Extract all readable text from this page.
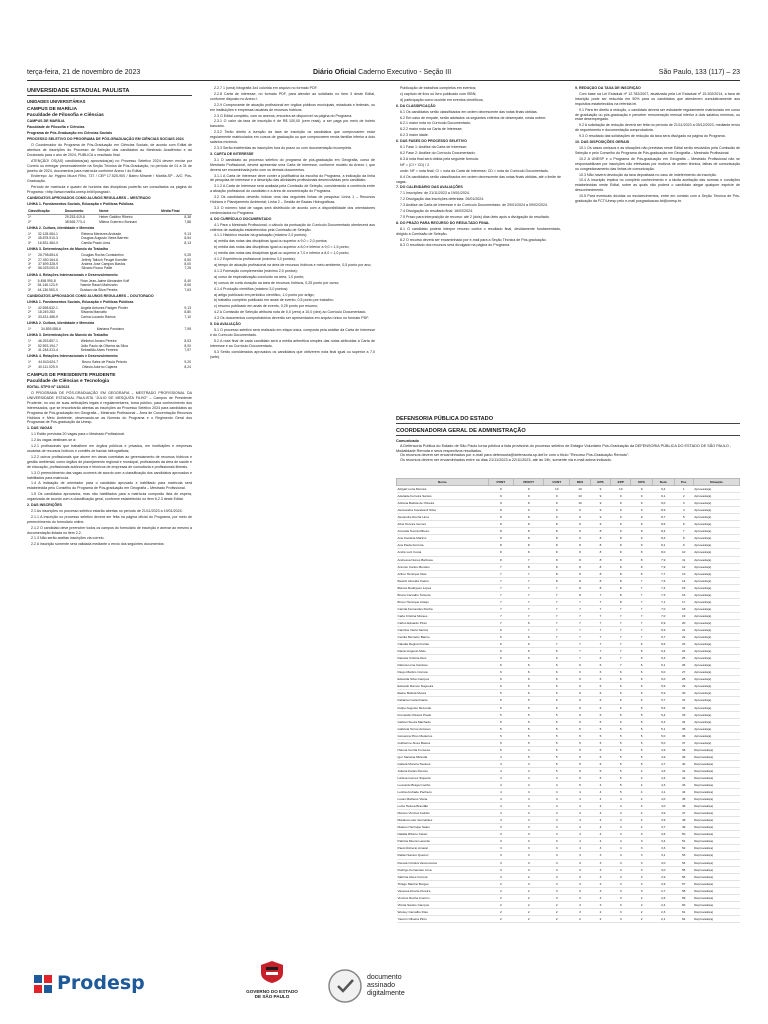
terça-feira, 21 de novembro de 2023	Diário Oficial Caderno Executivo - Seção III	São Paulo, 133 (117) – 23
UNIVERSIDADE ESTADUAL PAULISTA
UNIDADES UNIVERSITÁRIAS
CAMPUS DE MARÍLIA
Faculdade de Filosofia e Ciências

CAMPUS DE MARÍLIA

Faculdade de Filosofia e Ciências

Programa de Pós-Graduação em Ciências Sociais

PROCESSO SELETIVO DO PROGRAMA DE PÓS-GRADUAÇÃO EM CIÊNCIAS SOCIAIS 2024

O Coordenador do Programa de Pós-Graduação em Ciências Sociais, de acordo com Edital de abertura de inscrições do Processo de Seleção dos candidatos ao Mestrado Acadêmico e ao Doutorado para o ano de 2024, PUBLICA o resultado final.

ATENÇÃO! OS(AS) candidatos(as) aprovados(as) no Processo Seletivo 2024 devem enviar por Correio ou entregar presencialmente na Seção Técnica de Pós-Graduação, no período de 01 a 31 de janeiro de 2024, documentos para matrícula conforme Anexo I do Edital.

Endereço: Av. Hygino Muzzi Filho, 737 / CEP 17.525-900 / Bairro Mirante / Marília-SP - A/C: Pós-Graduação.

Período de matrícula e quadro de horários das disciplinas poderão ser consultados na página do Programa: <http://www.marilia.unesp.br/#!/posgrad>.

CANDIDATOS APROVADOS COMO ALUNOS REGULARES – MESTRADO

LINHA 1. Fundamentos Sociais, Educação e Políticas Públicas

Classificação	Documento	Nome	Média Final
1º	29.253.419-6	Heber Galdino Ribeiro	8,38
2º	38.565.773-4	Milena Guerrero Bonnani	7,88

LINHA 2. Cultura, Identidade e Memória

1º	32.128.084-1	Rebeca Menezes Andrade	9,13
2º	45.878.910-3	Douglas Augusto Vieira Barreto	8,54
3º	16.831.484-X	Camila Prado Lima	8,13

LINHA 3. Determinações do Mundo do Trabalho

1º	26.798.654-6	Douglas Rocha Constantino	9,25
2º	27.450.164-6	Jeferly Talioch Feugel Koestler	8,50
3º	37.699.328-9	Andrea Jose Campos Bastos	8,00
4º	56.025.000-5	Silvano Rocco Pallie	7,25

LINHA 4. Relações Internacionais e Desenvolvimento

1º	5.458.990-8	Yhan Jean-Jaime Alexandre Koff	8,40
2º	54.146.123-9	Yasmin Rasch Mahrzahn	8,06
3º	44.136.553-X	Gustavo da Silva Pereira	7,63

CANDIDATOS APROVADOS COMO ALUNOS REGULARES – DOUTORADO

LINHA 1. Fundamentos Sociais, Educação e Políticas Públicas

1º	42.698.632-1	Angela Antunes Padgen Pinder	9,13
2º	18.249.283	Silvania Marcatto	8,80
3º	33.431.488-9	Carina Lucardo Ramos	7,10

LINHA 2. Cultura, Identidade e Memória

1º	34.893.088-6	Mariana Ponciano	7,95

LINHA 3. Determinações do Mundo do Trabalho

1º	46.253.857-1	Welinton Amaro Pereira	8,53
2º	52.593.194-7	João Paulo da Oliveira da Silva	8,00
3º	41.248.313-4	Sebastião Alves Ferreira	7,97

LINHA 4. Relações Internacionais e Desenvolvimento

1º	44.543.624-7	Bruno Sales de Paula Peixoto	9,20
2º	40.111.029-X	Ottavio Adorno Cajarea	8,24
CAMPUS DE PRESIDENTE PRUDENTE
Faculdade de Ciências e Tecnologia

EDITAL STPG Nº 13/2023

O PROGRAMA DE PÓS-GRADUAÇÃO EM GEOGRAFIA – MESTRADO PROFISSIONAL DA UNIVERSIDADE ESTADUAL PAULISTA "JÚLIO DE MESQUITA FILHO" – Campus de Presidente Prudente, no uso de suas atribuições legais e regulamentares, torna público, para conhecimento dos interessados, que se encontrarão abertas as inscrições ao Processo Seletivo 2024 para candidatos ao Programa de Pós-graduação em Geografia – Mestrado Profissional – Área de Concentração Recursos Hídricos e Meio Ambiente, observando-se as Normas do Programa e o Regimento Geral dos Programas de Pós-graduação da Unesp.

1. DAS VAGAS

1.1 Estão previstas 20 vagas para o Mestrado Profissional.

1.2 As vagas destinam-se a:

1.2.1 profissionais que trabalhem em órgãos públicos e privados, em instituições e empresas usuárias de recursos hídricos e comitês de bacias hidrográficas;

1.2.2 outros profissionais que atuem em áreas correlatas ao gerenciamento de recursos hídricos e gestão ambiental, como órgãos de planejamento regional e municipal, profissionais da área de saúde e de educação, profissionais autônomos e técnicos de empresas de consultoria e profissionais liberais.

1.3 O preenchimento das vagas ocorrerá de acordo com a classificação dos candidatos aprovados e habilitados para matrícula.

1.4 A indicação de orientador para o candidato aprovado e habilitado para matrícula será estabelecida pelo Conselho do Programa de Pós-graduação em Geografia – Mestrado Profissional.

1.5 Os candidatos aprovados, mas não habilitados para a matrícula comporão lista de espera, organizada de acordo com a classificação geral, conforme estabelecido no item 6.2.3 deste Edital.

2. DAS INSCRIÇÕES

2.1 As inscrições no processo seletivo estarão abertas no período de 21/11/2023 a 19/01/2024.

2.1.1 A inscrição no processo seletivo deverá ser feita na página oficial do Programa, por meio de preenchimento do formulário online.

2.1.2 O candidato deve preencher todos os campos do formulário de inscrição e anexar ao mesmo a documentação listada no item 2.2.

2.1.3 Não serão aceitas inscrições via correio.

2.2 A inscrição somente será validada mediante o envio dos seguintes documentos:

2.2.7 1 (uma) fotografia 3x4 colorida em arquivo no formato PDF.

2.2.8 Carta de interesse, no formato PDF, para atender ao solicitado no item 3 deste Edital, conforme disposto no Anexo I.

2.2.9 Comprovante de atuação profissional em órgãos públicos municipais, estaduais e federais, ou em instituições e empresas usuárias de recursos hídricos.

2.3 O Edital completo, com os anexos, encontra-se disponível na página do Programa.

2.3.1 O valor da taxa de inscrição é de R$ 100,00 (cem reais), a ser paga por meio de boleto bancário.

2.3.2 Terão direito à isenção da taxa de inscrição os candidatos que comprovarem estar regularmente matriculados em cursos de graduação ou que comprovarem renda familiar inferior a dois salários mínimos.

2.3.3 Serão indeferidas as inscrições fora do prazo ou com documentação incompleta.

3. CARTA DE INTERESSE

3.1 O candidato ao processo seletivo do programa de pós-graduação em Geografia, curso de Mestrado Profissional, deverá apresentar uma Carta de Interesse, conforme modelo do Anexo I, que deverá ser encaminhada junto com os demais documentos.

3.1.1 A Carta de Interesse deve conter a justificativa da escolha do Programa, a indicação da linha de pesquisa de interesse e a descrição das atividades profissionais desenvolvidas pelo candidato.

3.1.2 A Carta de Interesse será avaliada pela Comissão de Seleção, considerando a coerência entre a atuação profissional do candidato e a área de concentração do Programa.

3.2 Os candidatos deverão indicar uma das seguintes linhas de pesquisa: Linha 1 – Recursos Hídricos e Planejamento Ambiental; Linha 2 – Gestão de Bacias Hidrográficas.

3.3 O número total de vagas será distribuído de acordo com a disponibilidade dos orientadores credenciados no Programa.

4. DO CURRÍCULO DOCUMENTADO

4.1 Para o Mestrado Profissional, o cálculo da pontuação do Currículo Documentado obedecerá aos critérios de avaliação estabelecidos pela Comissão de Seleção.

4.1.1 Histórico escolar da graduação (máximo 2,0 pontos);

a) média das notas das disciplinas igual ou superior a 9,0 = 2,0 pontos;

b) média das notas das disciplinas igual ou superior a 8,0 e inferior a 9,0 = 1,5 ponto;

c) média das notas das disciplinas igual ou superior a 7,0 e inferior a 8,0 = 1,0 ponto;

4.1.2 Experiência profissional (máximo 3,0 pontos):

a) tempo de atuação profissional na área de recursos hídricos e meio ambiente, 0,5 ponto por ano;

4.1.3 Formação complementar (máximo 2,0 pontos):

a) curso de especialização concluído na área, 1,0 ponto;

b) cursos de curta duração na área de recursos hídricos, 0,25 ponto por curso;

4.1.4 Produção científica (máximo 3,0 pontos):

a) artigo publicado em periódico científico, 1,0 ponto por artigo;

b) trabalho completo publicado em anais de evento, 0,5 ponto por trabalho;

c) resumo publicado em anais de evento, 0,25 ponto por resumo;

4.2 A Comissão de Seleção atribuirá nota de 0,0 (zero) a 10,0 (dez) ao Currículo Documentado.

4.3 Os documentos comprobatórios deverão ser apresentados em arquivo único no formato PDF.

5. DA AVALIAÇÃO

5.1 O processo seletivo será realizado em etapa única, composta pela análise da Carta de Interesse e do Currículo Documentado.

5.2 A nota final de cada candidato será a média aritmética simples das notas atribuídas à Carta de Interesse e ao Currículo Documentado.

5.3 Serão considerados aprovados os candidatos que obtiverem nota final igual ou superior a 7,0 (sete).

Publicação de trabalhos completos em eventos;

c) capítulo de livro ou livro publicado com ISBN;

d) participação como ouvinte em eventos científicos;

6. DA CLASSIFICAÇÃO

6.1 Os candidatos serão classificados em ordem decrescente das notas finais obtidas.

6.2 Em caso de empate, serão adotados os seguintes critérios de desempate, nesta ordem:

6.2.1 maior nota no Currículo Documentado;

6.2.2 maior nota na Carta de Interesse;

6.2.3 maior idade.

6. DAS FASES DO PROCESSO SELETIVO

6.1 Fase 1: Análise da Carta de Interesse;

6.2 Fase 2: Análise do Currículo Documentado;

6.3 A nota final será obtida pela seguinte fórmula:

NF = (CI + CD) / 2

onde: NF = nota final; CI = nota da Carta de Interesse; CD = nota do Currículo Documentado.

6.4 Os candidatos serão classificados em ordem decrescente das notas finais obtidas, até o limite de vagas.

7. DO CALENDÁRIO DAS AVALIAÇÕES

7.1 Inscrições: de 21/11/2023 a 19/01/2024.

7.2 Divulgação das inscrições deferidas: 26/01/2024.

7.3 Análise da Carta de Interesse e do Currículo Documentado: de 29/01/2024 a 09/02/2024.

7.4 Divulgação do resultado final: 16/02/2024.

7.5 Prazo para interposição de recurso: até 2 (dois) dias úteis após a divulgação do resultado.

8. DO PRAZO PARA RECURSO DO RESULTADO FINAL

8.1 O candidato poderá interpor recurso contra o resultado final, devidamente fundamentado, dirigido à Comissão de Seleção.

8.2 O recurso deverá ser encaminhado por e-mail para a Seção Técnica de Pós-graduação.

8.3 O resultado dos recursos será divulgado na página do Programa.

9. REDUÇÃO DA TAXA DE INSCRIÇÃO

Com base na Lei Estadual nº 12.782/2007, atualizada pela Lei Estadual nº 15.302/2014, a taxa de inscrição pode ser reduzida em 50% para os candidatos que atenderem cumulativamente aos requisitos estabelecidos na referida lei.

9.1 Para ter direito à redução, o candidato deverá ser estudante regularmente matriculado em curso de graduação ou pós-graduação e perceber remuneração mensal inferior a dois salários mínimos, ou estar desempregado.

9.2 A solicitação de redução deverá ser feita no período de 21/11/2023 a 05/12/2023, mediante envio de requerimento e documentação comprobatória.

9.3 O resultado das solicitações de redução da taxa será divulgado na página do Programa.

10. DAS DISPOSIÇÕES GERAIS

10.1 Os casos omissos e as situações não previstas neste Edital serão resolvidos pela Comissão de Seleção e pelo Conselho do Programa de Pós-graduação em Geografia – Mestrado Profissional.

10.2 A UNESP e o Programa de Pós-graduação em Geografia – Mestrado Profissional não se responsabilizam por inscrições não efetivadas por motivos de ordem técnica, falhas de comunicação ou congestionamento das linhas de comunicação.

10.3 Não haverá devolução da taxa depositada no caso de indeferimento da inscrição.

10.4 A inscrição implica no completo conhecimento e a tácita aceitação das normas e condições estabelecidas neste Edital, sobre as quais não poderá o candidato alegar qualquer espécie de desconhecimento.

10.5 Para eventuais dúvidas ou esclarecimentos, entre em contato com a Seção Técnica de Pós-graduação da FCT/Unesp pelo e-mail posgraduacao.fct@unesp.br.

DEFENSORIA PÚBLICA DO ESTADO
COORDENADORIA GERAL DE ADMINISTRAÇÃO

Comunicado

A Defensoria Pública do Estado de São Paulo torna pública a lista provisória do processo seletivo de Estágio Voluntário Pós-Graduação da DEFENSORIA PÚBLICA DO ESTADO DE SÃO PAULO - Modalidade Remota e seus respectivos resultados.

Os recursos devem ser encaminhados por e-mail para defensoria@defensoria.sp.def.br com o título "Recurso Pós-Graduação Remoto".

Os recursos devem ser encaminhados entre os dias 21/11/2023 a 22/11/2023, até às 19h, somente via e-mail acima indicado.

Nome	PONT	PROVT	CONT	DES	EPS	EPP	DPG	Nota	Pos	Situação
Abigail Lucia Moreira	9	9	10	10	9	10	9	9,4	1	Aprovado(a)
Adelaide Ferreira Santos	9	9	9	10	9	9	9	9,1	2	Aprovado(a)
Adriana Batista de Oliveira	9	8	9	10	9	9	9	9,0	3	Aprovado(a)
Alessandra Cavalcanti Silva	8	9	9	9	9	9	9	8,9	4	Aprovado(a)
Alexandre Rocha Lima	8	8	9	9	9	9	9	8,7	5	Aprovado(a)
Aline Pereira Gomes	8	8	8	9	9	9	9	8,6	6	Aprovado(a)
Amanda Souza Ribeiro	8	8	8	9	8	9	9	8,4	7	Aprovado(a)
Ana Carolina Martins	8	8	8	9	8	8	9	8,3	8	Aprovado(a)
Ana Paula Ferreira	8	8	8	8	8	8	9	8,1	9	Aprovado(a)
André Luiz Costa	8	8	8	8	8	8	8	8,0	10	Aprovado(a)
Andressa Nunes Barbosa	8	7	8	8	8	8	8	7,9	11	Aprovado(a)
Antonio Carlos Mendes	7	8	8	8	8	8	8	7,9	12	Aprovado(a)
Arthur Henrique Dias	7	7	8	8	8	8	8	7,7	13	Aprovado(a)
Beatriz Almeida Castro	7	7	8	8	8	8	7	7,6	14	Aprovado(a)
Bianca Rodrigues Lopes	7	7	7	8	8	8	7	7,4	15	Aprovado(a)
Bruna Carvalho Teixeira	7	7	7	8	7	8	7	7,3	16	Aprovado(a)
Bruno Henrique Araújo	7	7	7	7	7	8	7	7,1	17	Aprovado(a)
Camila Fernandes Rocha	7	7	7	7	7	7	7	7,0	18	Aprovado(a)
Carla Cristina Moraes	7	7	7	7	7	7	7	7,0	19	Aprovado(a)
Carlos Eduardo Pinto	7	6	7	7	7	7	7	6,9	20	Aprovado(a)
Carolina Vieira Santos	6	7	7	7	7	7	7	6,9	21	Aprovado(a)
Cecília Monteiro Barros	6	6	7	7	7	7	7	6,7	22	Aprovado(a)
Cláudia Regina Freitas	6	6	7	7	7	7	6	6,6	23	Aprovado(a)
Daniel Augusto Melo	6	6	6	7	7	7	6	6,4	24	Aprovado(a)
Daniela Cristina Reis	6	6	6	7	6	7	6	6,3	25	Aprovado(a)
Débora Lima Cardoso	6	6	6	6	6	7	6	6,1	26	Aprovado(a)
Diego Martins Correia	6	6	6	6	6	6	6	6,0	27	Aprovado(a)
Eduarda Silva Campos	6	6	6	6	6	6	6	6,0	28	Aprovado(a)
Eduardo Ramos Nogueira	6	5	6	6	6	6	6	5,9	29	Aprovado(a)
Elaine Batista Moura	5	6	6	6	6	6	6	5,9	30	Aprovado(a)
Fabiana Costa Duarte	5	5	6	6	6	6	6	5,7	31	Aprovado(a)
Felipe Augusto Rezende	5	5	6	6	6	6	5	5,6	32	Aprovado(a)
Fernanda Oliveira Prado	5	5	5	6	6	6	5	5,4	33	Aprovado(a)
Gabriel Souza Machado	5	5	5	6	5	6	5	5,3	34	Aprovado(a)
Gabriela Torres Antunes	5	5	5	5	5	6	5	5,1	35	Aprovado(a)
Giovanna Pires Medeiros	5	5	5	5	5	5	5	5,0	36	Aprovado(a)
Guilherme Alves Bastos	5	5	5	5	5	5	5	5,0	37	Aprovado(a)
Helena Cunha Fonseca	5	4	5	5	5	5	5	4,9	38	Reprovado(a)
Igor Santana Miranda	4	5	5	5	5	5	5	4,9	39	Reprovado(a)
Isabela Moreira Tavares	4	4	5	5	5	5	5	4,7	40	Reprovado(a)
Juliana Farias Peixoto	4	4	5	5	5	5	4	4,6	41	Reprovado(a)
Larissa Gomes Siqueira	4	4	4	5	5	5	4	4,4	42	Reprovado(a)
Leonardo Braga Coelho	4	4	4	5	4	5	4	4,3	43	Reprovado(a)
Letícia Andrade Pacheco	4	4	4	4	4	5	4	4,1	44	Reprovado(a)
Lucas Matheus Viana	4	4	4	4	4	4	4	4,0	45	Reprovado(a)
Luiza Helena Brandão	4	4	4	4	4	4	4	4,0	46	Reprovado(a)
Marcos Vinícius Falcão	4	3	4	4	4	4	4	3,9	47	Reprovado(a)
Mariana Leite Guimarães	3	4	4	4	4	4	4	3,9	48	Reprovado(a)
Mateus Henrique Sales	3	3	4	4	4	4	4	3,7	49	Reprovado(a)
Natália Ribeiro Xavier	3	3	4	4	4	4	3	3,6	50	Reprovado(a)
Patrícia Moura Lacerda	3	3	3	4	4	4	3	3,4	51	Reprovado(a)
Paulo Roberto Amaral	3	3	3	4	3	4	3	3,3	52	Reprovado(a)
Rafael Santos Queiroz	3	3	3	3	3	4	3	3,1	53	Reprovado(a)
Renata Cristina Vasconcelos	3	3	3	3	3	3	3	3,0	54	Reprovado(a)
Rodrigo Fernandes Lima	3	3	3	3	3	3	3	3,0	55	Reprovado(a)
Sabrina Alves Correia	3	2	3	3	3	3	3	2,9	56	Reprovado(a)
Thiago Martins Borges	2	3	3	3	3	3	3	2,9	57	Reprovado(a)
Vanessa Duarte Pereira	2	2	3	3	3	3	3	2,7	58	Reprovado(a)
Vinícius Rocha Amorim	2	2	3	3	3	3	2	2,6	59	Reprovado(a)
Vitória Santos Campos	2	2	2	3	3	3	2	2,4	60	Reprovado(a)
Wesley Carvalho Dias	2	2	2	3	2	3	2	2,3	61	Reprovado(a)
Yasmin Oliveira Pinto	2	2	2	2	2	3	2	2,1	62	Reprovado(a)
Prodesp	GOVERNO DO ESTADO
DE SÃO PAULO
documento
assinado
digitalmente
